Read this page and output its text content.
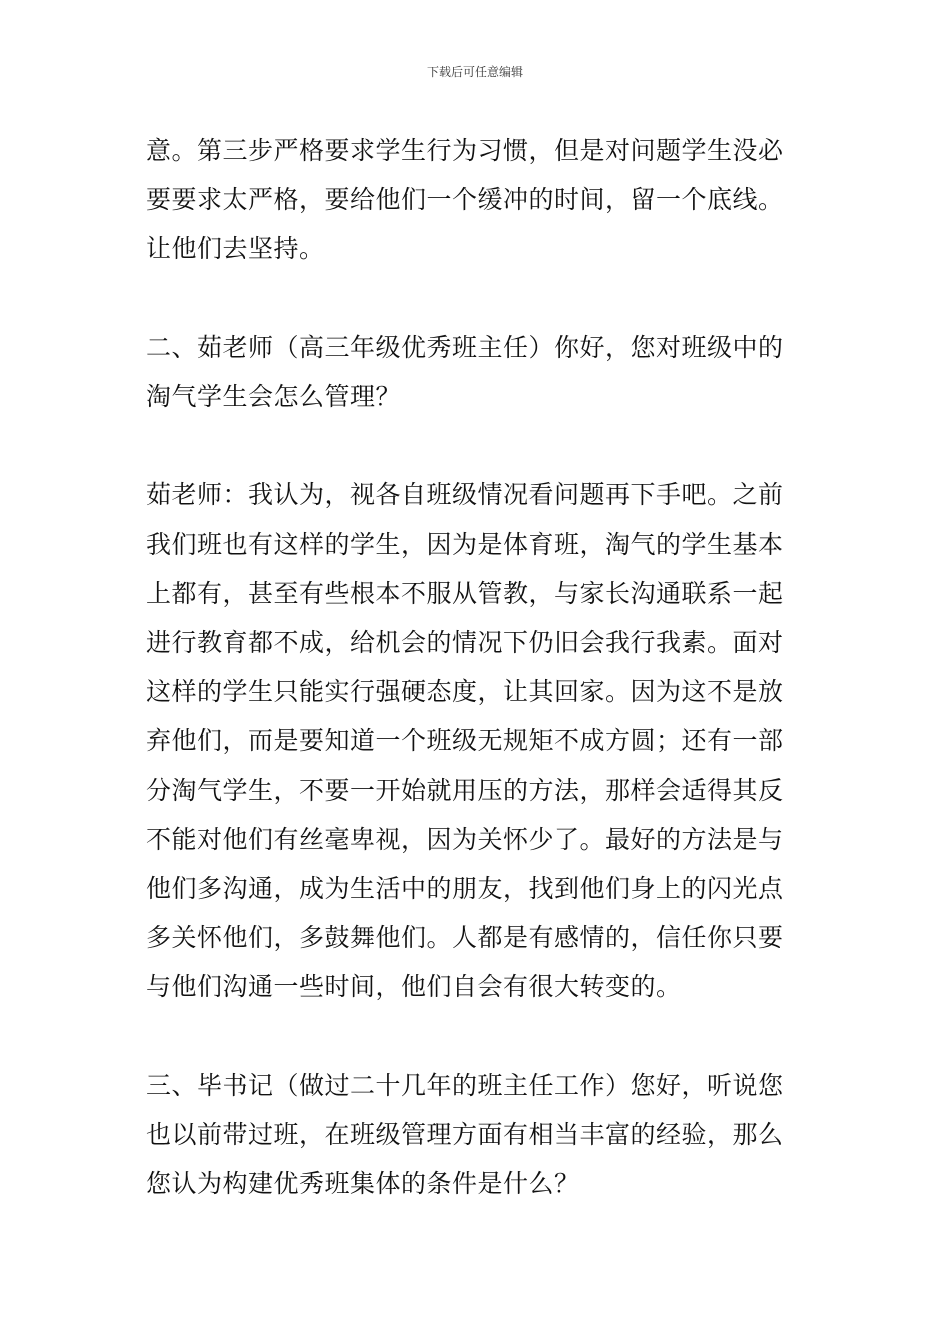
下载后可任意编辑
意。第三步严格要求学生行为习惯，但是对问题学生没必
要要求太严格，要给他们一个缓冲的时间，留一个底线。
让他们去坚持。
二、茹老师（高三年级优秀班主任）你好，您对班级中的
淘气学生会怎么管理？
茹老师：我认为，视各自班级情况看问题再下手吧。之前
我们班也有这样的学生，因为是体育班，淘气的学生基本
上都有，甚至有些根本不服从管教，与家长沟通联系一起
进行教育都不成，给机会的情况下仍旧会我行我素。面对
这样的学生只能实行强硬态度，让其回家。因为这不是放
弃他们，而是要知道一个班级无规矩不成方圆；还有一部
分淘气学生，不要一开始就用压的方法，那样会适得其反
不能对他们有丝毫卑视，因为关怀少了。最好的方法是与
他们多沟通，成为生活中的朋友，找到他们身上的闪光点
多关怀他们，多鼓舞他们。人都是有感情的，信任你只要
与他们沟通一些时间，他们自会有很大转变的。
三、毕书记（做过二十几年的班主任工作）您好，听说您
也以前带过班，在班级管理方面有相当丰富的经验，那么
您认为构建优秀班集体的条件是什么？
